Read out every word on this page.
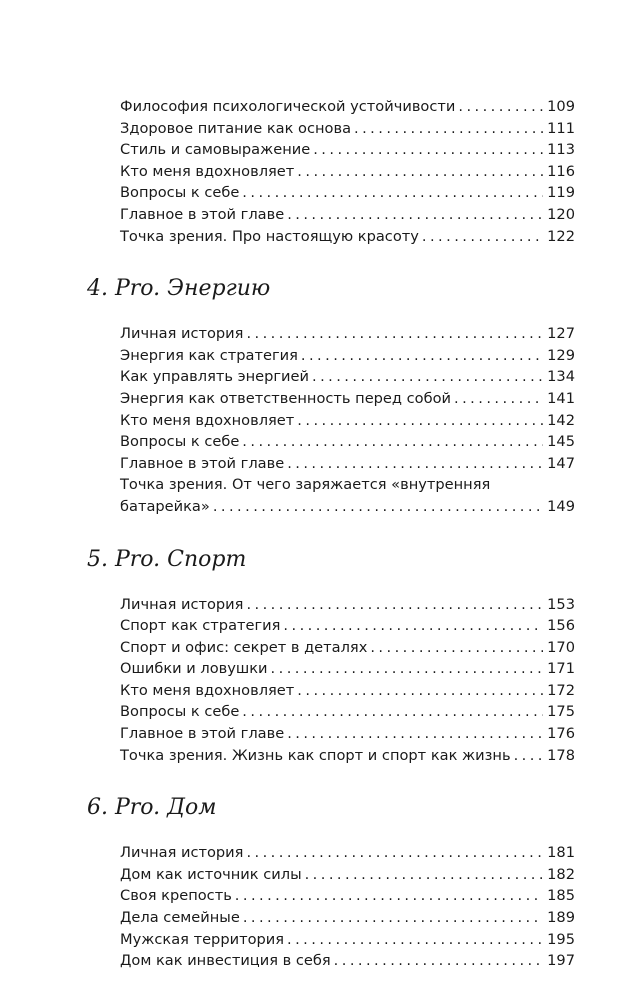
Философия психологической устойчивости . . .	109
Здоровое питание как основа . . .	111
Стиль и самовыражение . . .	113
Кто меня вдохновляет . . .	116
Вопросы к себе . . .	119
Главное в этой главе . . .	120
Точка зрения. Про настоящую красоту . . .	122
4. Pro. Энергию
Личная история . . .	127
Энергия как стратегия . . .	129
Как управлять энергией . . .	134
Энергия как ответственность перед собой . . .	141
Кто меня вдохновляет . . .	142
Вопросы к себе . . .	145
Главное в этой главе . . .	147
Точка зрения. От чего заряжается «внутренняя
батарейка» . . .	149
5. Pro. Спорт
Личная история . . .	153
Спорт как стратегия . . .	156
Спорт и офис: секрет в деталях . . .	170
Ошибки и ловушки . . .	171
Кто меня вдохновляет . . .	172
Вопросы к себе . . .	175
Главное в этой главе . . .	176
Точка зрения. Жизнь как спорт и спорт как жизнь . . .	178
6. Pro. Дом
Личная история . . .	181
Дом как источник силы . . .	182
Своя крепость . . .	185
Дела семейные . . .	189
Мужская территория . . .	195
Дом как инвестиция в себя . . .	197
